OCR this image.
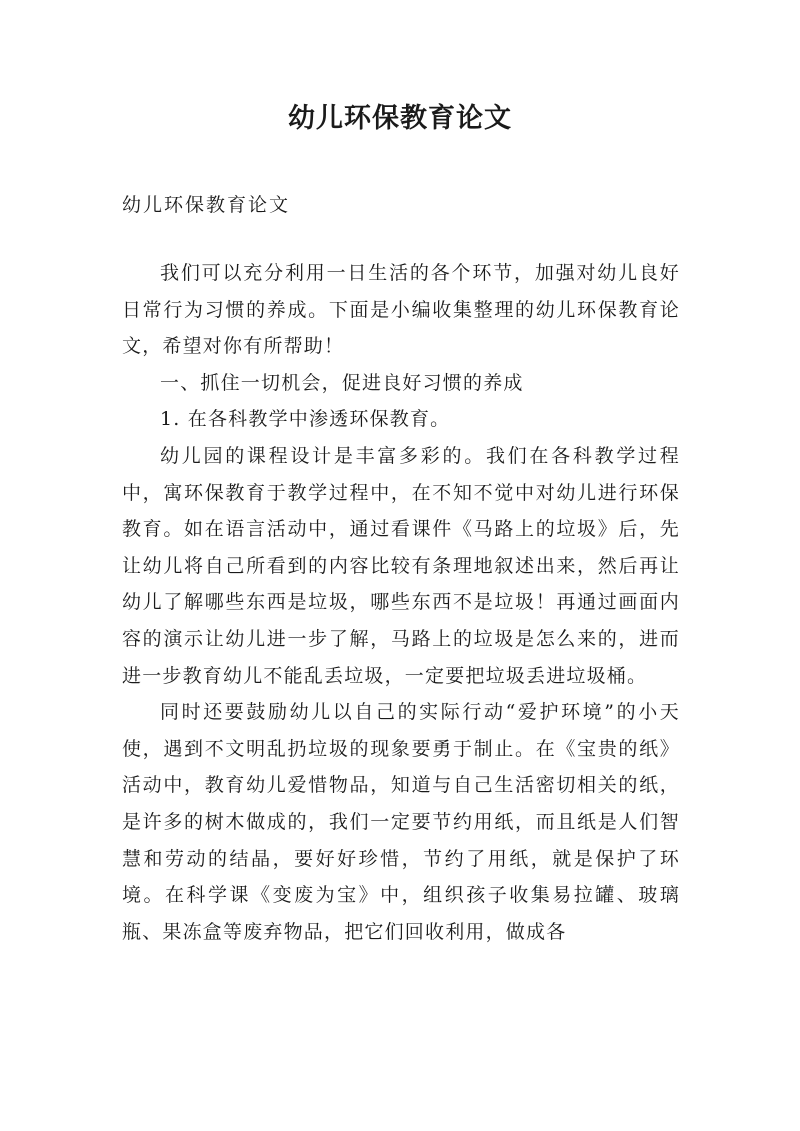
幼儿环保教育论文
幼儿环保教育论文

我们可以充分利用一日生活的各个环节，加强对幼儿良好日常行为习惯的养成。下面是小编收集整理的幼儿环保教育论文，希望对你有所帮助！

一、抓住一切机会，促进良好习惯的养成

1. 在各科教学中渗透环保教育。

幼儿园的课程设计是丰富多彩的。我们在各科教学过程中，寓环保教育于教学过程中，在不知不觉中对幼儿进行环保教育。如在语言活动中，通过看课件《马路上的垃圾》后，先让幼儿将自己所看到的内容比较有条理地叙述出来，然后再让幼儿了解哪些东西是垃圾，哪些东西不是垃圾！再通过画面内容的演示让幼儿进一步了解，马路上的垃圾是怎么来的，进而进一步教育幼儿不能乱丢垃圾，一定要把垃圾丢进垃圾桶。

同时还要鼓励幼儿以自己的实际行动“爱护环境”的小天使，遇到不文明乱扔垃圾的现象要勇于制止。在《宝贵的纸》活动中，教育幼儿爱惜物品，知道与自己生活密切相关的纸，是许多的树木做成的，我们一定要节约用纸，而且纸是人们智慧和劳动的结晶，要好好珍惜，节约了用纸，就是保护了环境。在科学课《变废为宝》中，组织孩子收集易拉罐、玻璃瓶、果冻盒等废弃物品，把它们回收利用，做成各
